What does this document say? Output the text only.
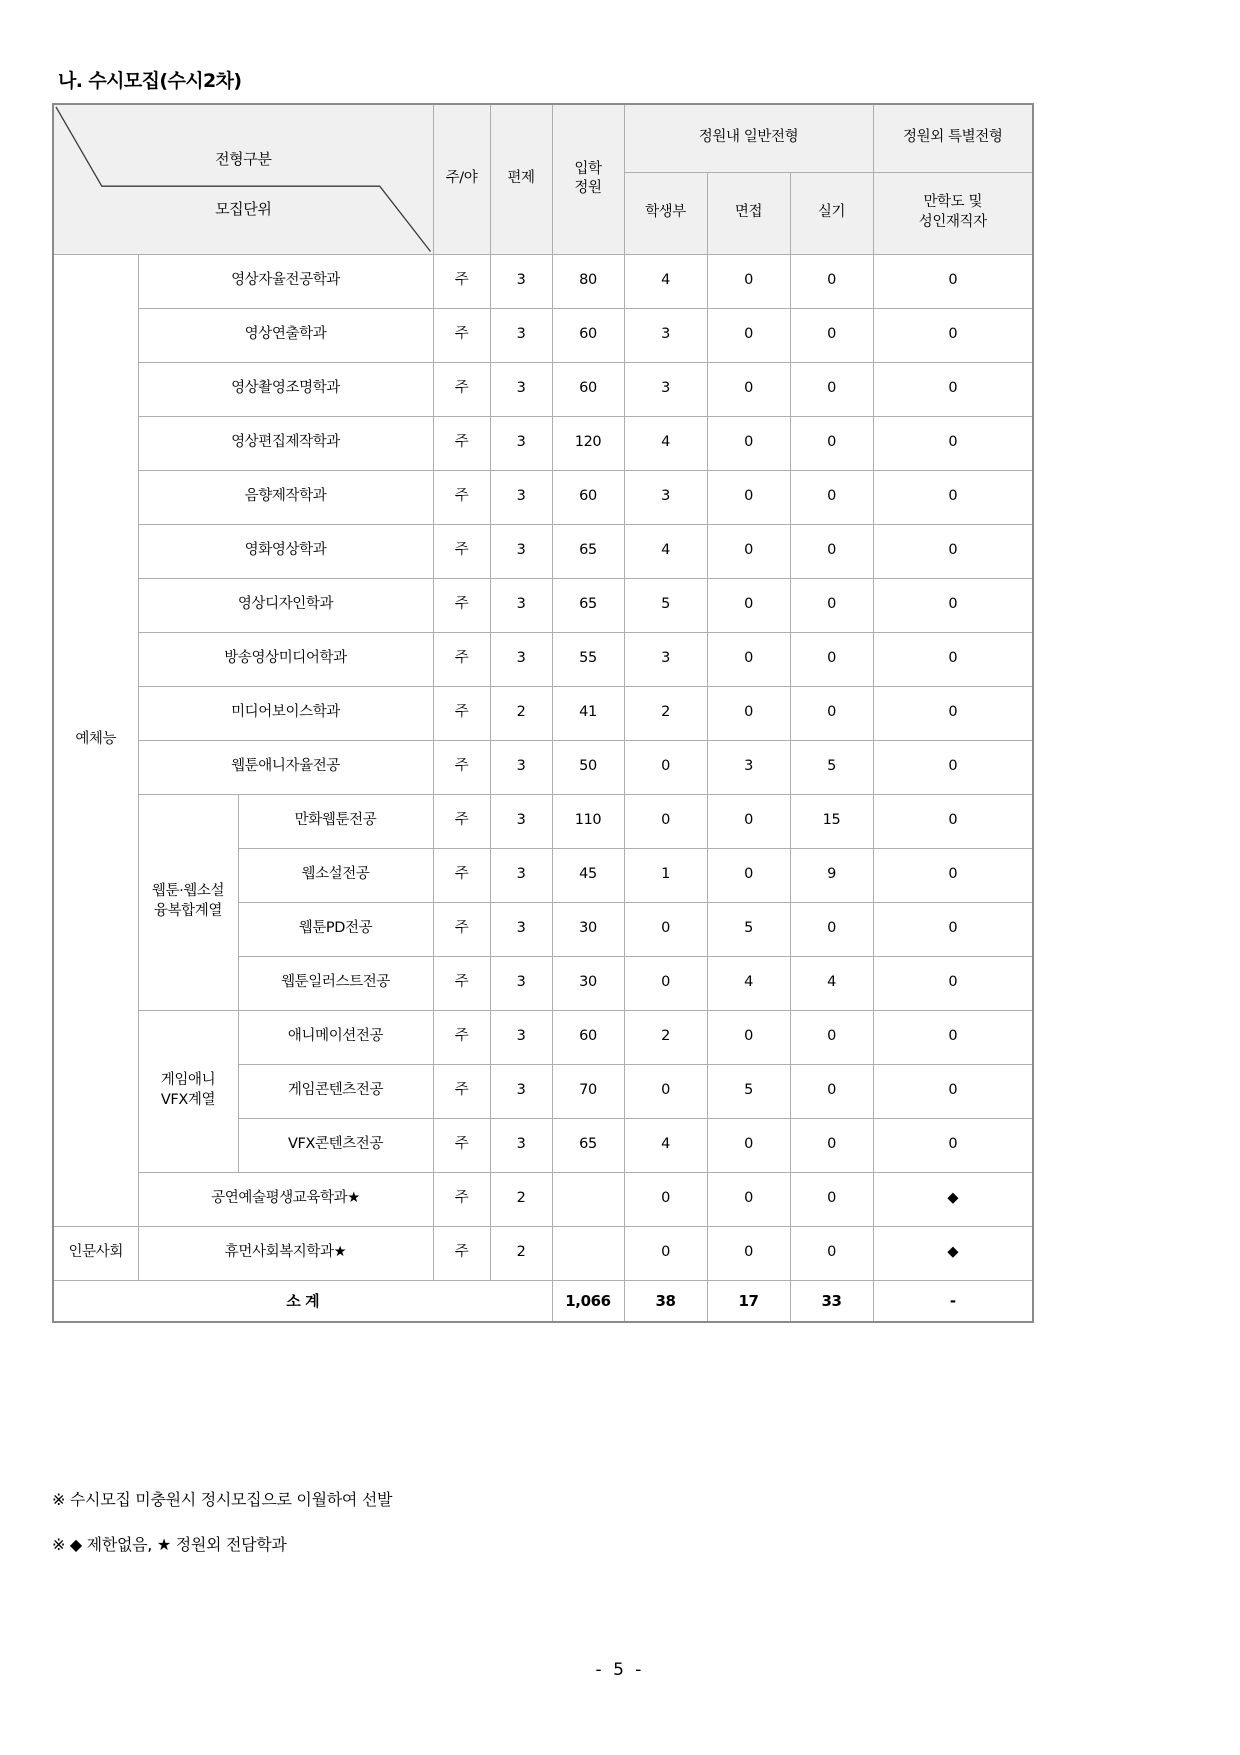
나. 수시모집(수시2차)
전형구분
모집단위
	주/야	편제	
입학
정원
	정원내 일반전형	정원외 특별전형
						학생부	면접	실기	만학도 및
성인재직자

예체능	영상자율전공학과		주	3	80	4	0	0	0
	영상연출학과		주	3	60	3	0	0	0
	영상촬영조명학과		주	3	60	3	0	0	0
	영상편집제작학과		주	3	120	4	0	0	0
	음향제작학과		주	3	60	3	0	0	0
	영화영상학과		주	3	65	4	0	0	0
	영상디자인학과		주	3	65	5	0	0	0
	방송영상미디어학과		주	3	55	3	0	0	0
	미디어보이스학과		주	2	41	2	0	0	0
	웹툰애니자율전공		주	3	50	0	3	5	0

	웹툰·웹소설
융복합계열	만화웹툰전공	주	3	110	0	0	15	0
		웹소설전공	주	3	45	1	0	9	0
		웹툰PD전공	주	3	30	0	5	0	0
		웹툰일러스트전공	주	3	30	0	4	4	0

	게임애니
VFX계열	애니메이션전공	주	3	60	2	0	0	0
		게임콘텐츠전공	주	3	70	0	5	0	0
		VFX콘텐츠전공	주	3	65	4	0	0	0
	공연예술평생교육학과★		주	2		0	0	0	◆
인문사회	휴먼사회복지학과★		주	2		0	0	0	◆
소 계					1,066	38	17	33	-
※ 수시모집 미충원시 정시모집으로 이월하여 선발
※ ◆ 제한없음, ★ 정원외 전담학과
- 5 -
